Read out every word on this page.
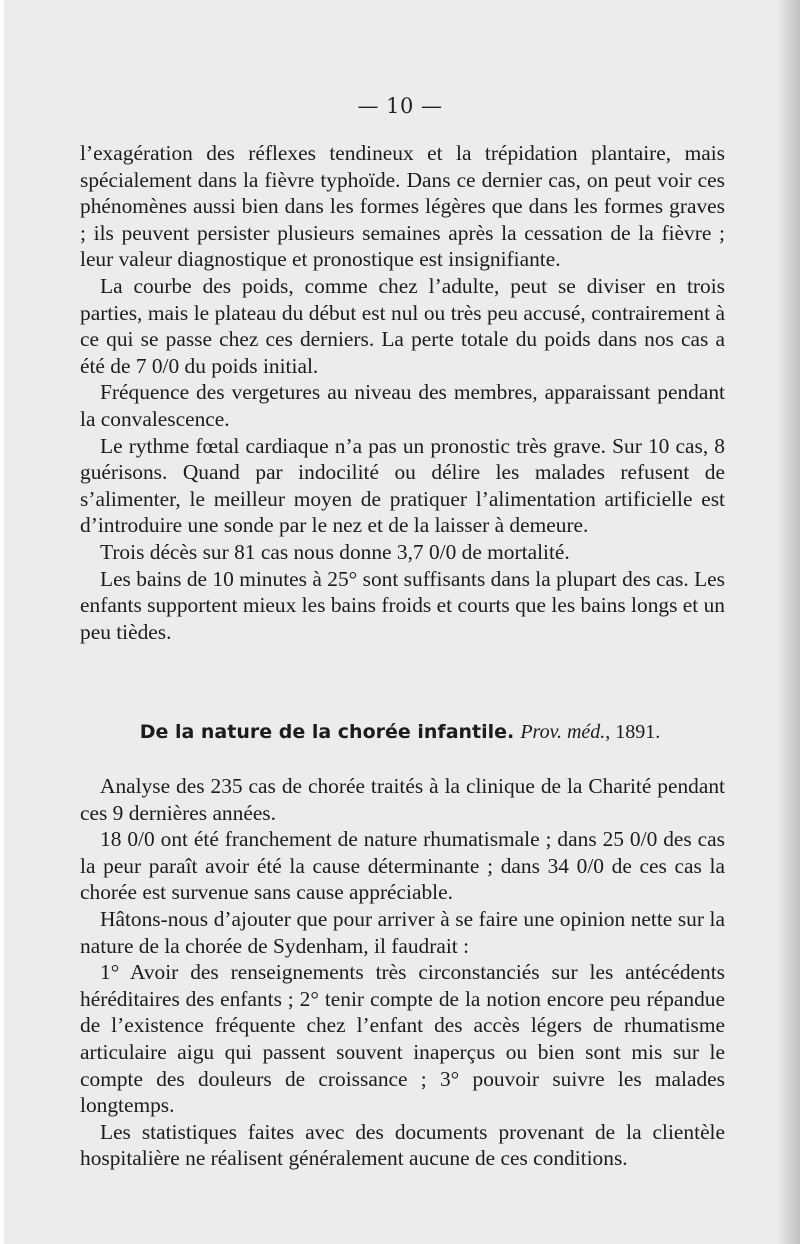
— 10 —

l’exagération des réflexes tendineux et la trépidation plantaire, mais spécialement dans la fièvre typhoïde. Dans ce dernier cas, on peut voir ces phénomènes aussi bien dans les formes légères que dans les formes graves ; ils peuvent persister plusieurs semaines après la cessation de la fièvre ; leur valeur diagnostique et pronostique est insignifiante.

La courbe des poids, comme chez l’adulte, peut se diviser en trois parties, mais le plateau du début est nul ou très peu accusé, contrairement à ce qui se passe chez ces derniers. La perte totale du poids dans nos cas a été de 7 0/0 du poids initial.

Fréquence des vergetures au niveau des membres, apparaissant pendant la convalescence.

Le rythme fœtal cardiaque n’a pas un pronostic très grave. Sur 10 cas, 8 guérisons. Quand par indocilité ou délire les malades refusent de s’alimenter, le meilleur moyen de pratiquer l’alimentation artificielle est d’introduire une sonde par le nez et de la laisser à demeure.

Trois décès sur 81 cas nous donne 3,7 0/0 de mortalité.

Les bains de 10 minutes à 25° sont suffisants dans la plupart des cas. Les enfants supportent mieux les bains froids et courts que les bains longs et un peu tièdes.

De la nature de la chorée infantile. Prov. méd., 1891.

Analyse des 235 cas de chorée traités à la clinique de la Charité pendant ces 9 dernières années.

18 0/0 ont été franchement de nature rhumatismale ; dans 25 0/0 des cas la peur paraît avoir été la cause déterminante ; dans 34 0/0 de ces cas la chorée est survenue sans cause appréciable.

Hâtons-nous d’ajouter que pour arriver à se faire une opinion nette sur la nature de la chorée de Sydenham, il faudrait :

1° Avoir des renseignements très circonstanciés sur les antécédents héréditaires des enfants ; 2° tenir compte de la notion encore peu répandue de l’existence fréquente chez l’enfant des accès légers de rhumatisme articulaire aigu qui passent souvent inaperçus ou bien sont mis sur le compte des douleurs de croissance ; 3° pouvoir suivre les malades longtemps.

Les statistiques faites avec des documents provenant de la clientèle hospitalière ne réalisent généralement aucune de ces conditions.
